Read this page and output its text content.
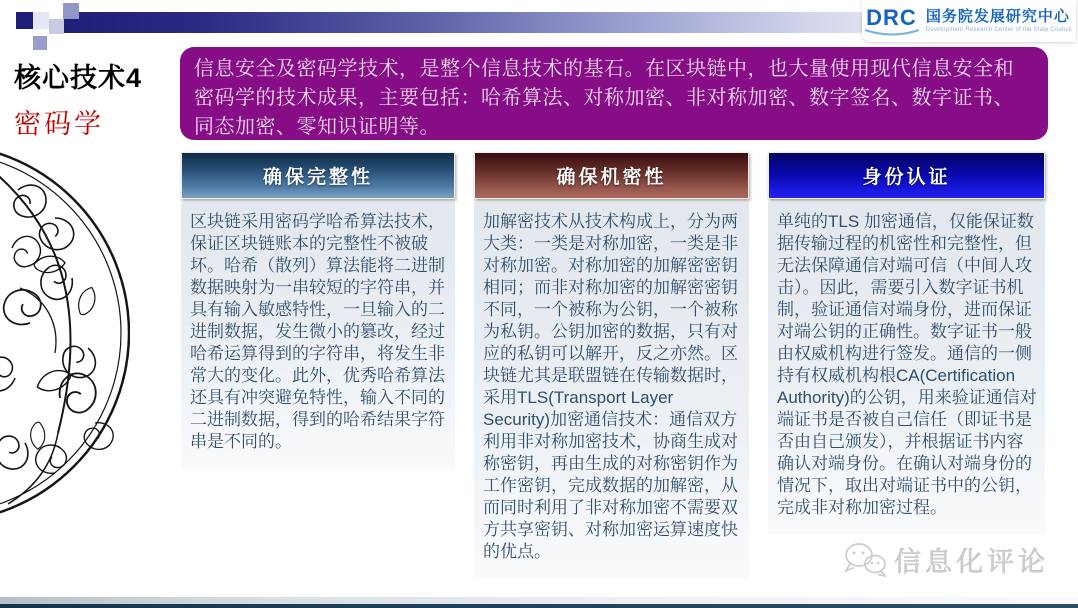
DRC 国务院发展研究中心
Development Research Center of the State Council
核心技术4
密码学
信息安全及密码学技术，是整个信息技术的基石。在区块链中，也大量使用现代信息安全和密码学的技术成果，主要包括：哈希算法、对称加密、非对称加密、数字签名、数字证书、同态加密、零知识证明等。
确保完整性
区块链采用密码学哈希算法技术，保证区块链账本的完整性不被破坏。哈希（散列）算法能将二进制数据映射为一串较短的字符串，并具有输入敏感特性，一旦输入的二进制数据，发生微小的篡改，经过哈希运算得到的字符串，将发生非常大的变化。此外，优秀哈希算法还具有冲突避免特性，输入不同的二进制数据，得到的哈希结果字符串是不同的。
确保机密性
加解密技术从技术构成上，分为两大类：一类是对称加密，一类是非对称加密。对称加密的加解密密钥相同；而非对称加密的加解密密钥不同，一个被称为公钥，一个被称为私钥。公钥加密的数据，只有对应的私钥可以解开，反之亦然。区块链尤其是联盟链在传输数据时，采用TLS(Transport Layer Security)加密通信技术：通信双方利用非对称加密技术，协商生成对称密钥，再由生成的对称密钥作为工作密钥，完成数据的加解密，从而同时利用了非对称加密不需要双方共享密钥、对称加密运算速度快的优点。
身份认证
单纯的TLS 加密通信，仅能保证数据传输过程的机密性和完整性，但无法保障通信对端可信（中间人攻击）。因此，需要引入数字证书机制，验证通信对端身份，进而保证对端公钥的正确性。数字证书一般由权威机构进行签发。通信的一侧持有权威机构根CA(Certification Authority)的公钥，用来验证通信对端证书是否被自己信任（即证书是否由自己颁发），并根据证书内容确认对端身份。在确认对端身份的情况下，取出对端证书中的公钥，完成非对称加密过程。
信息化评论
